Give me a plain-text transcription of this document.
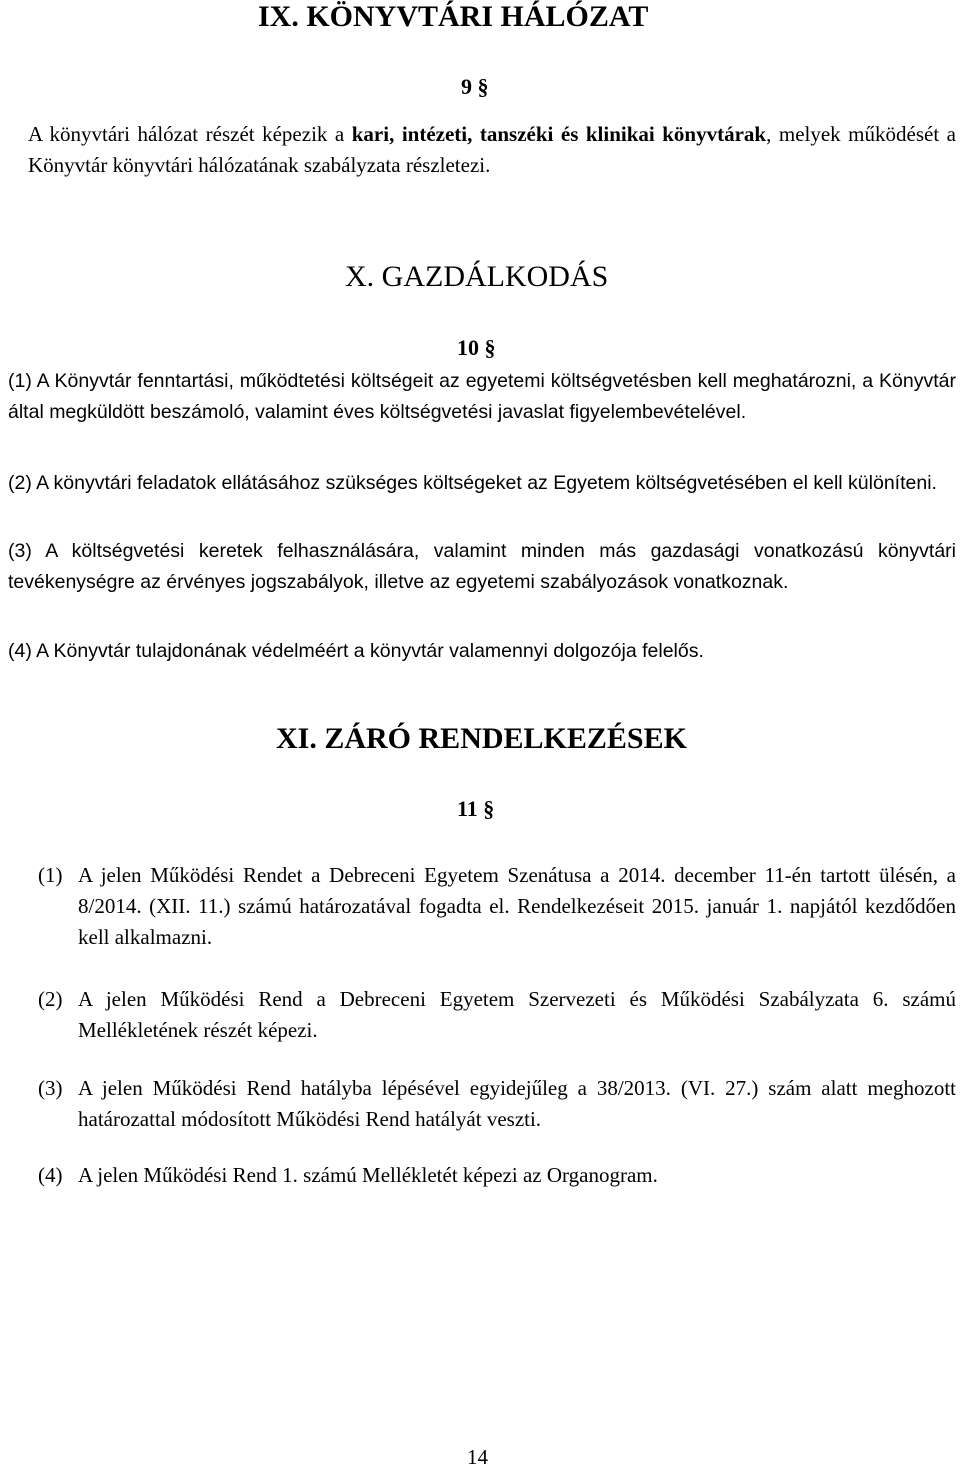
IX. KÖNYVTÁRI HÁLÓZAT
9 §

A könyvtári hálózat részét képezik a kari, intézeti, tanszéki és klinikai könyvtárak, melyek működését a Könyvtár könyvtári hálózatának szabályzata részletezi.

X. GAZDÁLKODÁS
10 §

(1) A Könyvtár fenntartási, működtetési költségeit az egyetemi költségvetésben kell meghatározni, a Könyvtár által megküldött beszámoló, valamint éves költségvetési javaslat figyelembevételével.

(2) A könyvtári feladatok ellátásához szükséges költségeket az Egyetem költségvetésében el kell különíteni.

(3) A költségvetési keretek felhasználására, valamint minden más gazdasági vonatkozású könyvtári tevékenységre az érvényes jogszabályok, illetve az egyetemi szabályozások vonatkoznak.

(4) A Könyvtár tulajdonának védelméért a könyvtár valamennyi dolgozója felelős.

XI. ZÁRÓ RENDELKEZÉSEK
11 §
(1) A jelen Működési Rendet a Debreceni Egyetem Szenátusa a 2014. december 11-én tartott ülésén, a 8/2014. (XII. 11.) számú határozatával fogadta el. Rendelkezéseit 2015. január 1. napjától kezdődően kell alkalmazni.
(2) A jelen Működési Rend a Debreceni Egyetem Szervezeti és Működési Szabályzata 6. számú Mellékletének részét képezi.
(3) A jelen Működési Rend hatályba lépésével egyidejűleg a 38/2013. (VI. 27.) szám alatt meghozott határozattal módosított Működési Rend hatályát veszti.
(4) A jelen Működési Rend 1. számú Mellékletét képezi az Organogram.
14
